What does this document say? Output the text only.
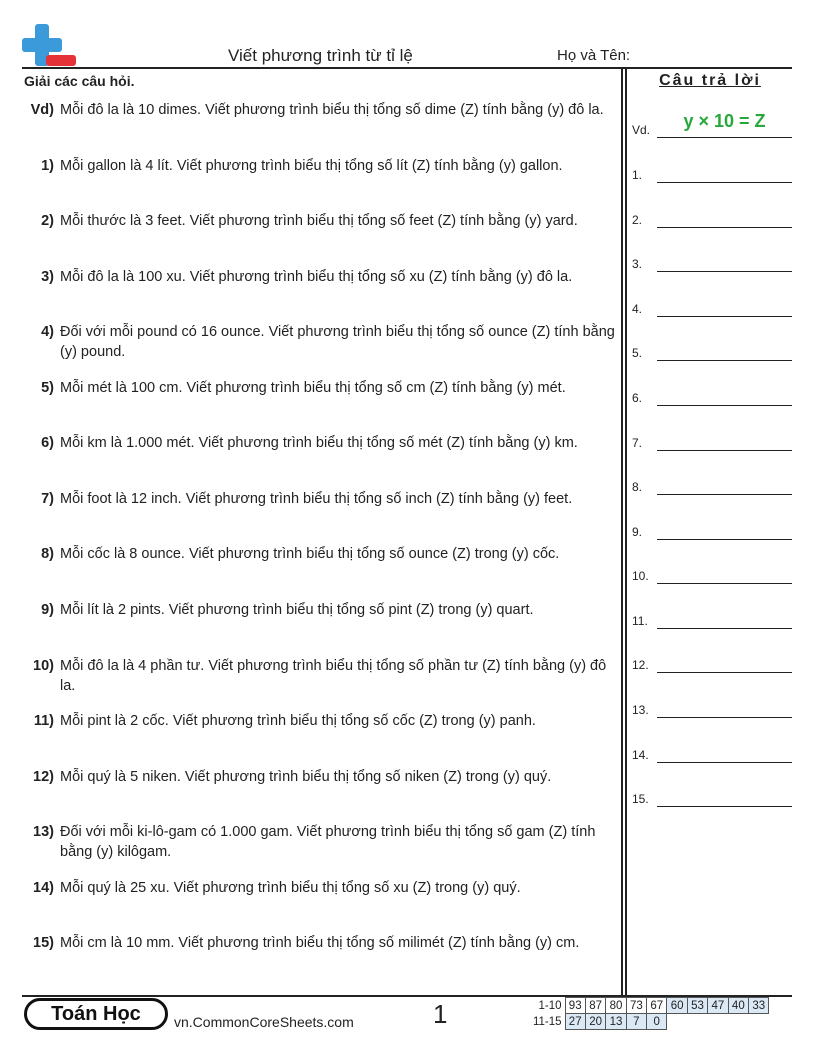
Viết phương trình từ tỉ lệ	Họ và Tên:
Giải các câu hỏi.
Vd) Mỗi đô la là 10 dimes. Viết phương trình biểu thị tổng số dime (Z) tính bằng (y) đô la.
1) Mỗi gallon là 4 lít. Viết phương trình biểu thị tổng số lít (Z) tính bằng (y) gallon.
2) Mỗi thước là 3 feet. Viết phương trình biểu thị tổng số feet (Z) tính bằng (y) yard.
3) Mỗi đô la là 100 xu. Viết phương trình biểu thị tổng số xu (Z) tính bằng (y) đô la.
4) Đối với mỗi pound có 16 ounce. Viết phương trình biểu thị tổng số ounce (Z) tính bằng (y) pound.
5) Mỗi mét là 100 cm. Viết phương trình biểu thị tổng số cm (Z) tính bằng (y) mét.
6) Mỗi km là 1.000 mét. Viết phương trình biểu thị tổng số mét (Z) tính bằng (y) km.
7) Mỗi foot là 12 inch. Viết phương trình biểu thị tổng số inch (Z) tính bằng (y) feet.
8) Mỗi cốc là 8 ounce. Viết phương trình biểu thị tổng số ounce (Z) trong (y) cốc.
9) Mỗi lít là 2 pints. Viết phương trình biểu thị tổng số pint (Z) trong (y) quart.
10) Mỗi đô la là 4 phần tư. Viết phương trình biểu thị tổng số phần tư (Z) tính bằng (y) đô la.
11) Mỗi pint là 2 cốc. Viết phương trình biểu thị tổng số cốc (Z) trong (y) panh.
12) Mỗi quý là 5 niken. Viết phương trình biểu thị tổng số niken (Z) trong (y) quý.
13) Đối với mỗi ki-lô-gam có 1.000 gam. Viết phương trình biểu thị tổng số gam (Z) tính bằng (y) kilôgam.
14) Mỗi quý là 25 xu. Viết phương trình biểu thị tổng số xu (Z) trong (y) quý.
15) Mỗi cm là 10 mm. Viết phương trình biểu thị tổng số milimét (Z) tính bằng (y) cm.
Câu trả lời
Vd.	y × 10 = Z
1.
2.
3.
4.
5.
6.
7.
8.
9.
10.
11.
12.
13.
14.
15.
Toán Học	vn.CommonCoreSheets.com	1	1-10	93	87	80	73	67	60	53	47	40	33
11-15	27	20	13	7	0					
